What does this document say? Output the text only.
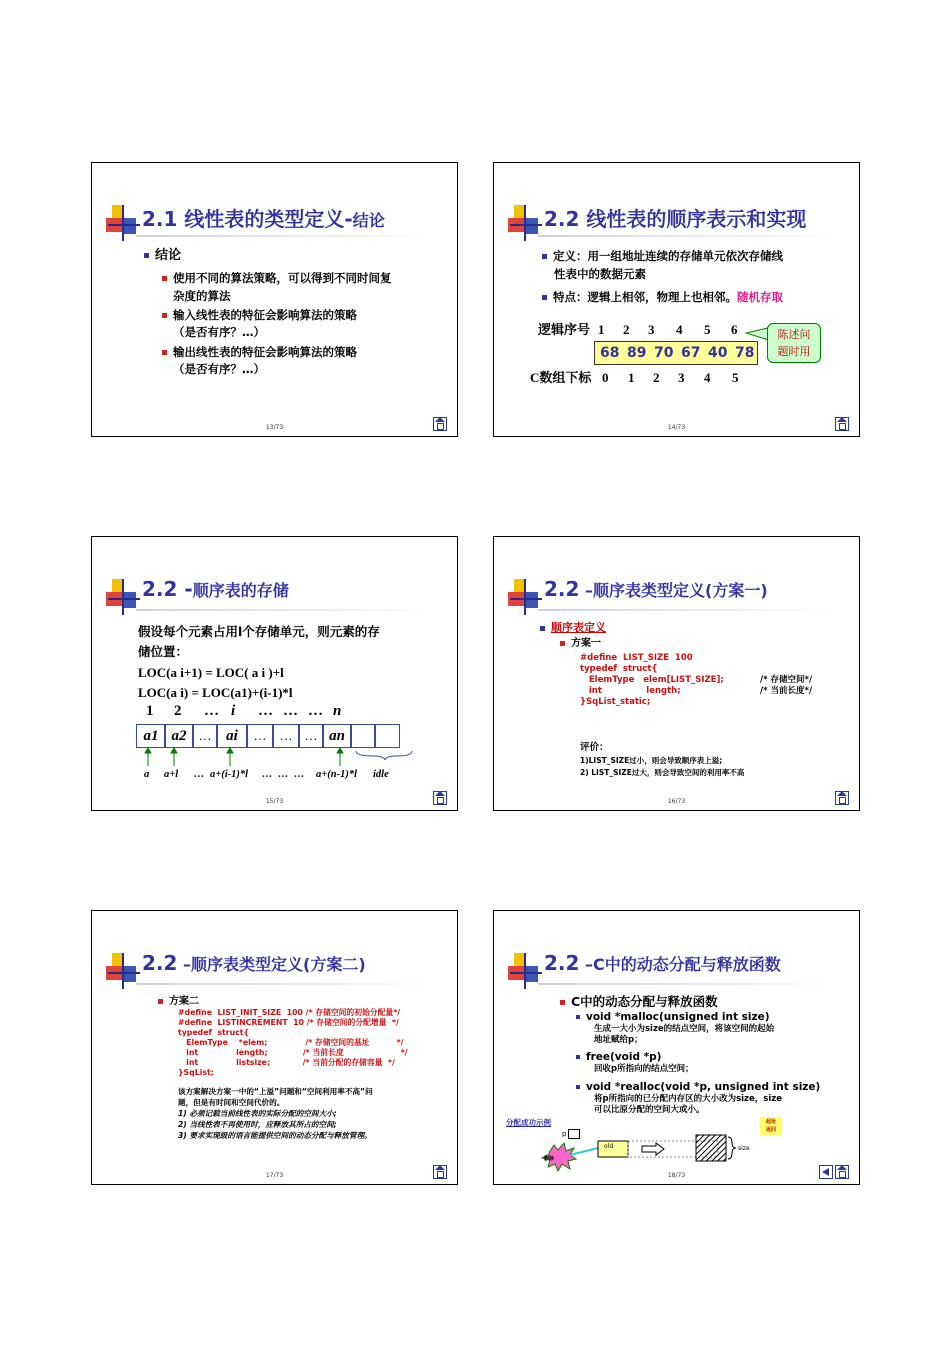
2.1 线性表的类型定义-结论
结论
使用不同的算法策略，可以得到不同时间复
杂度的算法
输入线性表的特征会影响算法的策略
（是否有序？…）
输出线性表的特征会影响算法的策略
（是否有序？…）
13/73
2.2 线性表的顺序表示和实现
定义：用一组地址连续的存储单元依次存储线
性表中的数据元素
特点：逻辑上相邻，物理上也相邻。随机存取
逻辑序号 1 2 3 4 5 6
68 89 70 67 40 78
陈述问
题时用
C数组下标 0 1 2 3 4 5
14/73
2.2 -顺序表的存储
假设每个元素占用l个存储单元，则元素的存
储位置：
LOC(a i+1) = LOC( a i )+l
LOC(a i) = LOC(a1)+(i-1)*l
1 2 … i … … … n
a1 a2 … ai	…	… … an
a a+l … a+(i-1)*l … … … a+(n-1)*l idle
15/73
2.2 –顺序表类型定义(方案一)
顺序表定义
方案一
#define  LIST_SIZE  100
typedef  struct{
ElemType   elem[LIST_SIZE];
int               length;
}SqList_static;
/* 存储空间*/
/* 当前长度*/
评价：
1)LIST_SIZE过小，则会导致顺序表上溢;
2) LIST_SIZE过大，则会导致空间的利用率不高
16/73
2.2 –顺序表类型定义(方案二)
方案二
#define  LIST_INIT_SIZE  100 /* 存储空间的初始分配量*/
#define  LISTINCREMENT  10 /* 存储空间的分配增量  */
typedef  struct{
ElemType    *elem;              /* 存储空间的基址          */
int              length;             /* 当前长度                     */
int              listsize;            /* 当前分配的存储容量  */
}SqList;
该方案解决方案一中的“上溢”问题和“空间利用率不高”问
题，但是有时间和空间代价的。
1) 必须记载当前线性表的实际分配的空间大小;
2) 当线性表不再使用时，应释放其所占的空间;
3) 要求实现级的语言能提供空间的动态分配与释放管理。
17/73
2.2 –C中的动态分配与释放函数
C中的动态分配与释放函数
void *malloc(unsigned int size)
生成一大小为size的结点空间，将该空间的起始
地址赋给p；
free(void *p)
回收p所指向的结点空间；
void *realloc(void *p, unsigned int size)
将p所指向的已分配内存区的大小改为size，size
可以比原分配的空间大或小。
分配成功示例
p
删除
old	size
起址
返回
18/73
